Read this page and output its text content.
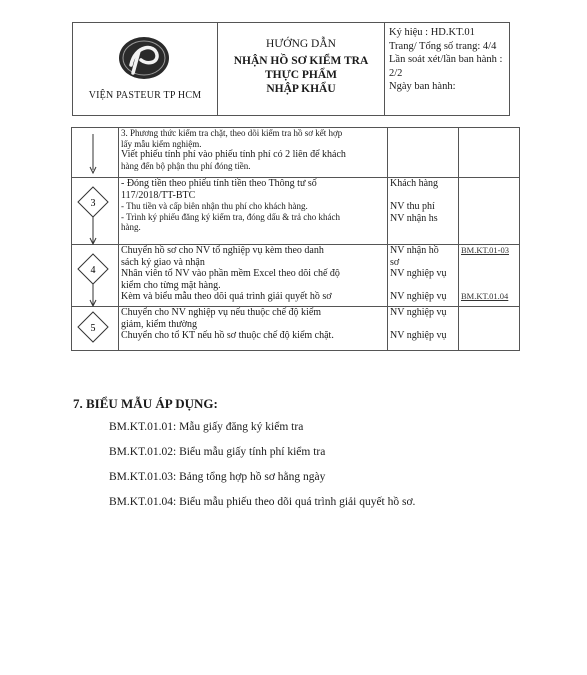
VIỆN PASTEUR TP HCM

HƯỚNG DẪN
NHẬN HỒ SƠ KIỂM TRA
THỰC PHẨM
NHẬP KHẨU

Ký hiệu : HD.KT.01
Trang/ Tổng số trang: 4/4
Lần soát xét/lần ban hành : 2/2
Ngày ban hành:

3. Phương thức kiểm tra chặt, theo dõi kiểm tra hồ sơ kết hợp
lấy mẫu kiểm nghiệm.
Viết phiếu tính phí vào phiếu tính phí có 2 liên để khách
hàng đến bộ phận thu phí đóng tiền.		

3	- Đóng tiền theo phiếu tính tiền theo Thông tư số
117/2018/TT-BTC
- Thu tiền và cấp biên nhận thu phí cho khách hàng.
- Trình ký phiếu đăng ký kiểm tra, đóng dấu & trả cho khách
hàng.	Khách hàng

NV thu phí
NV nhận hs	

4	Chuyển hồ sơ cho NV tổ nghiệp vụ kèm theo danh
sách ký giao và nhận
Nhân viên tổ NV vào phần mềm Excel theo dõi chế độ
kiểm cho từng mặt hàng.
Kèm và biểu mẫu theo dõi quá trình giải quyết hồ sơ	NV nhận hồ
sơ
NV nghiệp vụ

NV nghiệp vụ	BM.KT.01-03

BM.KT.01.04

5	Chuyển cho NV nghiệp vụ nếu thuộc chế độ kiểm
giảm, kiểm thường
Chuyển cho tổ KT nếu hồ sơ thuộc chế độ kiểm chặt.	NV nghiệp vụ

NV nghiệp vụ	

7. BIỂU MẪU ÁP DỤNG:
BM.KT.01.01: Mẫu giấy đăng ký kiểm tra
BM.KT.01.02: Biểu mẫu giấy tính phí kiểm tra
BM.KT.01.03: Bảng tổng hợp hồ sơ hằng ngày
BM.KT.01.04: Biểu mẫu phiếu theo dõi quá trình giải quyết hồ sơ.
